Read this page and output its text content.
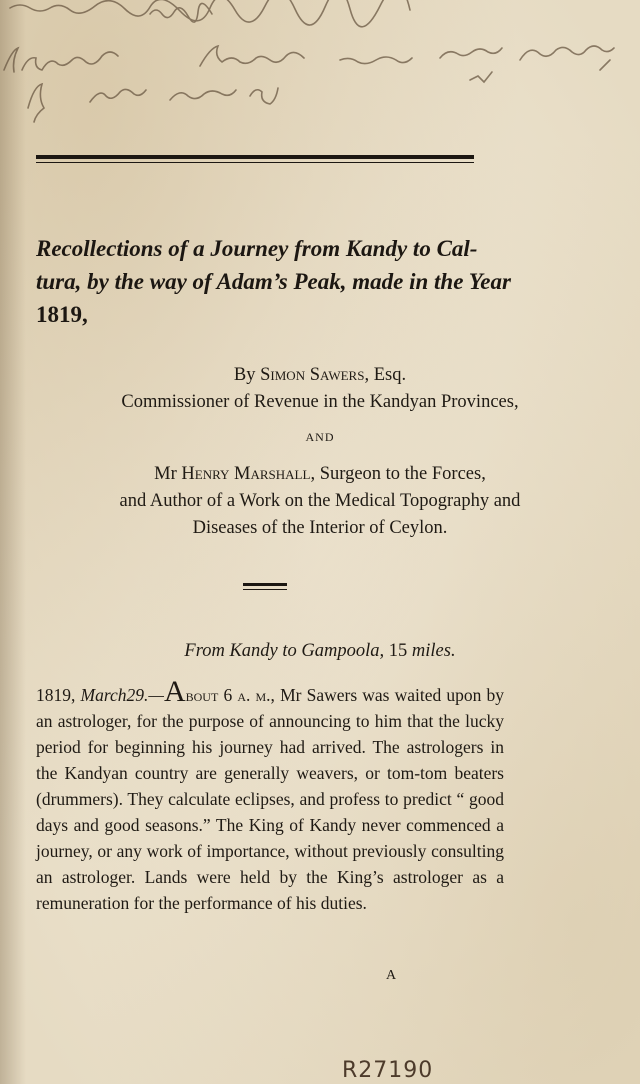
Recollections of a Journey from Kandy to Cal- tura, by the way of Adam’s Peak, made in the Year 1819,
By Simon Sawers, Esq.
Commissioner of Revenue in the Kandyan Provinces,
AND
Mr Henry Marshall, Surgeon to the Forces,
and Author of a Work on the Medical Topography and
Diseases of the Interior of Ceylon.
From Kandy to Gampoola, 15 miles.
1819, March29.—About 6 a. m., Mr Sawers was waited upon by an astrologer, for the purpose of announcing to him that the lucky period for beginning his journey had arrived. The astrologers in the Kandyan country are generally weavers, or tom-tom beaters (drummers). They calculate eclipses, and profess to predict “ good days and good seasons.” The King of Kandy never commenced a journey, or any work of importance, without previously consulting an astrologer. Lands were held by the King’s astrologer as a remuneration for the performance of his duties.
A
R27190
